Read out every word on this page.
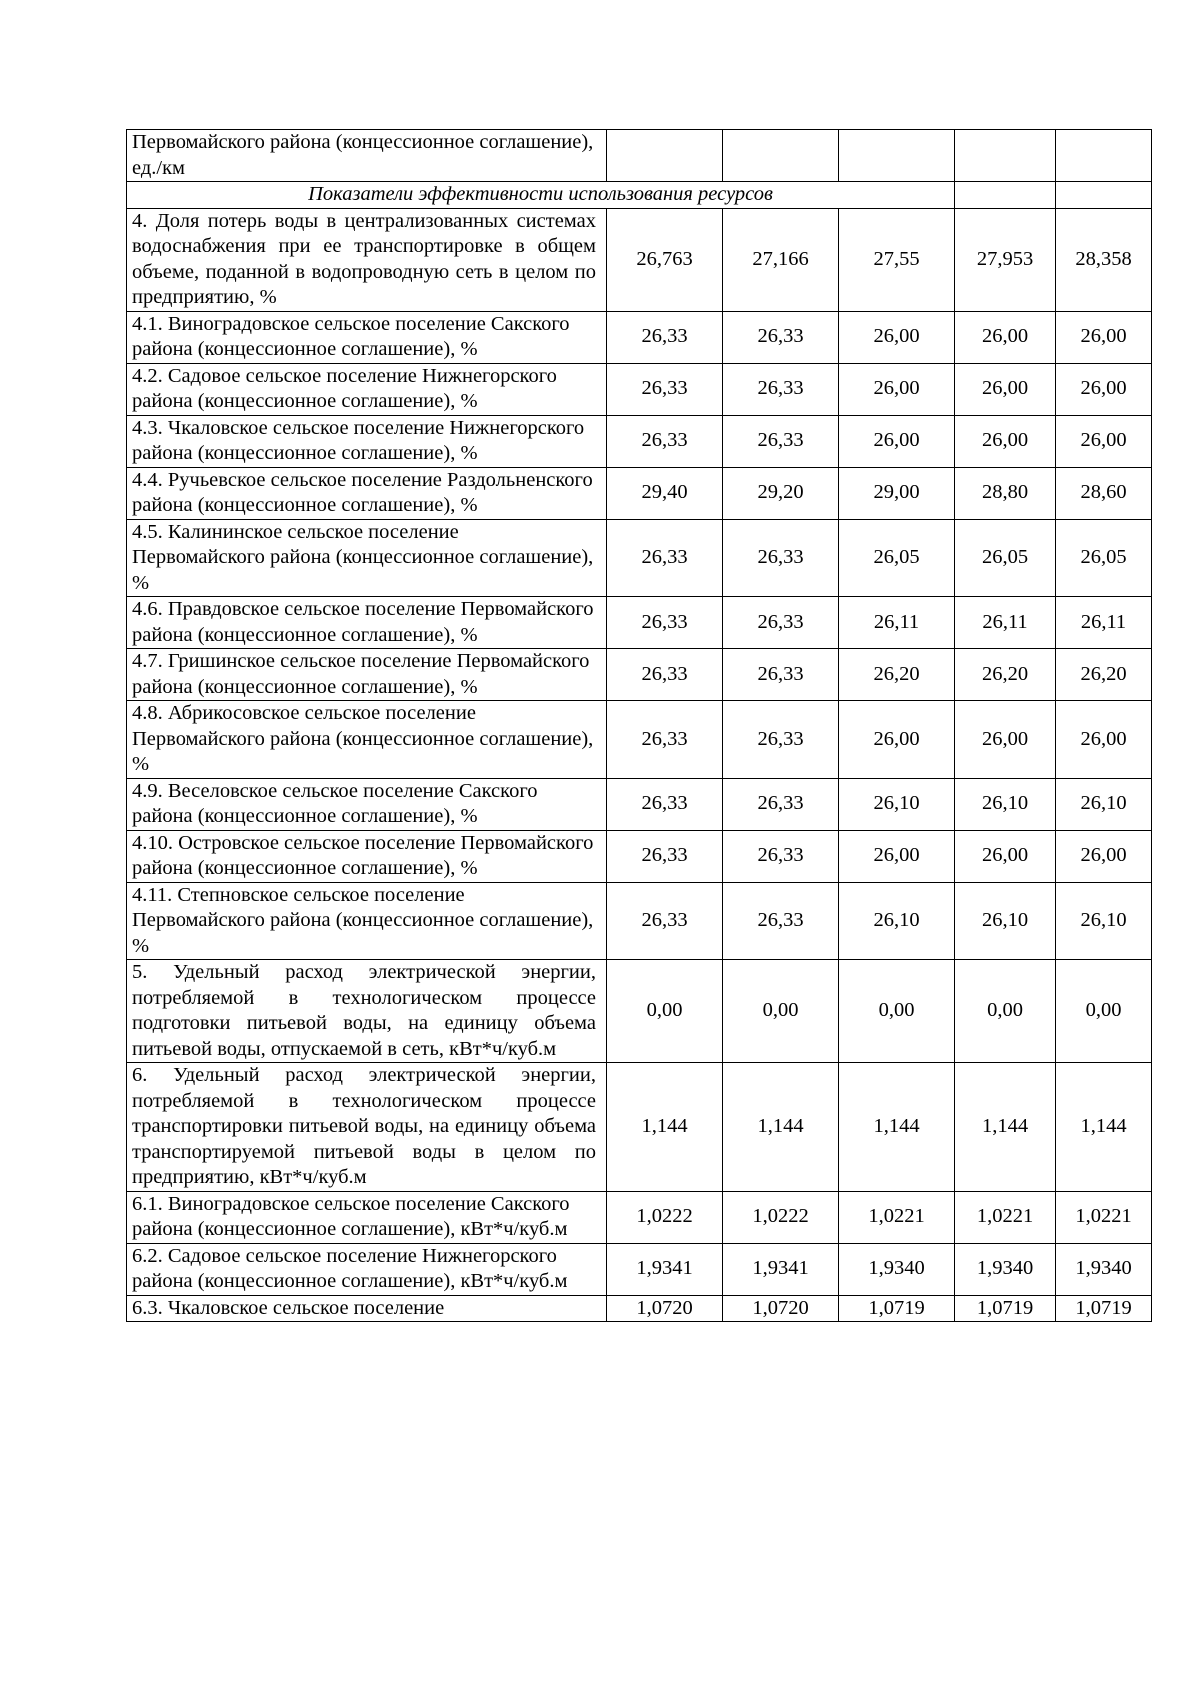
Первомайского района (концессионное соглашение), ед./км					
Показатели эффективности использования ресурсов					
4. Доля потерь воды в централизованных системах водоснабжения при ее транспортировке в общем объеме, поданной в водопроводную сеть в целом по предприятию, %	26,763	27,166	27,55	27,953	28,358
4.1. Виноградовское сельское поселение Сакского района (концессионное соглашение), %	26,33	26,33	26,00	26,00	26,00
4.2. Садовое сельское поселение Нижнегорского района (концессионное соглашение), %	26,33	26,33	26,00	26,00	26,00
4.3. Чкаловское сельское поселение Нижнегорского района (концессионное соглашение), %	26,33	26,33	26,00	26,00	26,00
4.4. Ручьевское сельское поселение Раздольненского района (концессионное соглашение), %	29,40	29,20	29,00	28,80	28,60
4.5. Калининское сельское поселение Первомайского района (концессионное соглашение), %	26,33	26,33	26,05	26,05	26,05
4.6. Правдовское сельское поселение Первомайского района (концессионное соглашение), %	26,33	26,33	26,11	26,11	26,11
4.7. Гришинское сельское поселение Первомайского района (концессионное соглашение), %	26,33	26,33	26,20	26,20	26,20
4.8. Абрикосовское сельское поселение Первомайского района (концессионное соглашение), %	26,33	26,33	26,00	26,00	26,00
4.9. Веселовское сельское поселение Сакского района (концессионное соглашение), %	26,33	26,33	26,10	26,10	26,10
4.10. Островское сельское поселение Первомайского района (концессионное соглашение), %	26,33	26,33	26,00	26,00	26,00
4.11. Степновское сельское поселение Первомайского района (концессионное соглашение), %	26,33	26,33	26,10	26,10	26,10
5. Удельный расход электрической энергии, потребляемой в технологическом процессе подготовки питьевой воды, на единицу объема питьевой воды, отпускаемой в сеть, кВт*ч/куб.м	0,00	0,00	0,00	0,00	0,00
6. Удельный расход электрической энергии, потребляемой в технологическом процессе транспортировки питьевой воды, на единицу объема транспортируемой питьевой воды в целом по предприятию, кВт*ч/куб.м	1,144	1,144	1,144	1,144	1,144
6.1. Виноградовское сельское поселение Сакского района (концессионное соглашение), кВт*ч/куб.м	1,0222	1,0222	1,0221	1,0221	1,0221
6.2. Садовое сельское поселение Нижнегорского района (концессионное соглашение), кВт*ч/куб.м	1,9341	1,9341	1,9340	1,9340	1,9340
6.3. Чкаловское сельское поселение	1,0720	1,0720	1,0719	1,0719	1,0719
